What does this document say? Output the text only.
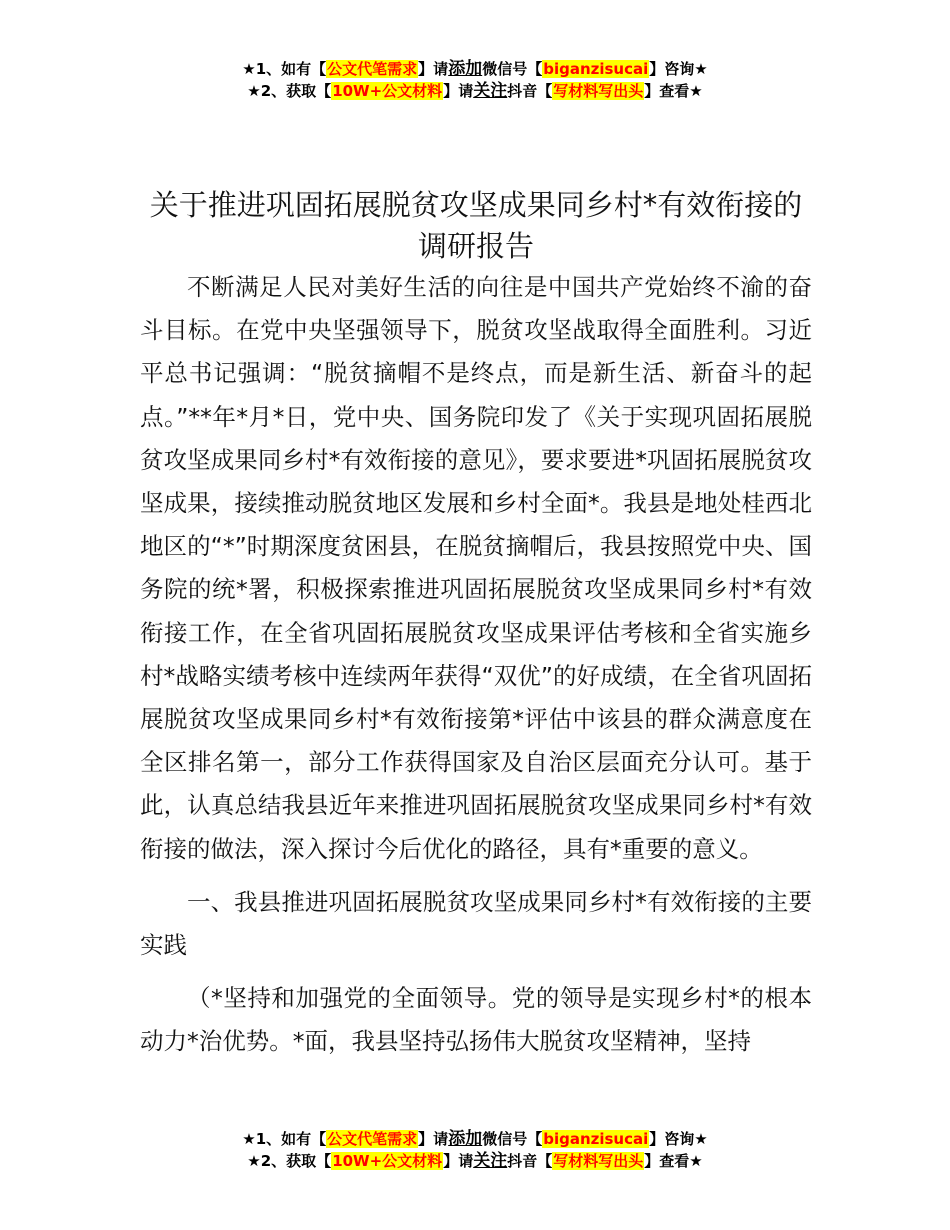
★1、如有【公文代笔需求】请添加微信号【biganzisucai】咨询★
★2、获取【10W+公文材料】请关注抖音【写材料写出头】查看★
关于推进巩固拓展脱贫攻坚成果同乡村*有效衔接的调研报告

不断满足人民对美好生活的向往是中国共产党始终不渝的奋斗目标。在党中央坚强领导下，脱贫攻坚战取得全面胜利。习近平总书记强调：“脱贫摘帽不是终点，而是新生活、新奋斗的起点。”**年*月*日，党中央、国务院印发了《关于实现巩固拓展脱贫攻坚成果同乡村*有效衔接的意见》，要求要进*巩固拓展脱贫攻坚成果，接续推动脱贫地区发展和乡村全面*。我县是地处桂西北地区的“*”时期深度贫困县，在脱贫摘帽后，我县按照党中央、国务院的统*署，积极探索推进巩固拓展脱贫攻坚成果同乡村*有效衔接工作，在全省巩固拓展脱贫攻坚成果评估考核和全省实施乡村*战略实绩考核中连续两年获得“双优”的好成绩，在全省巩固拓展脱贫攻坚成果同乡村*有效衔接第*评估中该县的群众满意度在全区排名第一，部分工作获得国家及自治区层面充分认可。基于此，认真总结我县近年来推进巩固拓展脱贫攻坚成果同乡村*有效衔接的做法，深入探讨今后优化的路径，具有*重要的意义。

一、我县推进巩固拓展脱贫攻坚成果同乡村*有效衔接的主要实践

（*坚持和加强党的全面领导。党的领导是实现乡村*的根本动力*治优势。*面，我县坚持弘扬伟大脱贫攻坚精神，坚持

★1、如有【公文代笔需求】请添加微信号【biganzisucai】咨询★
★2、获取【10W+公文材料】请关注抖音【写材料写出头】查看★
